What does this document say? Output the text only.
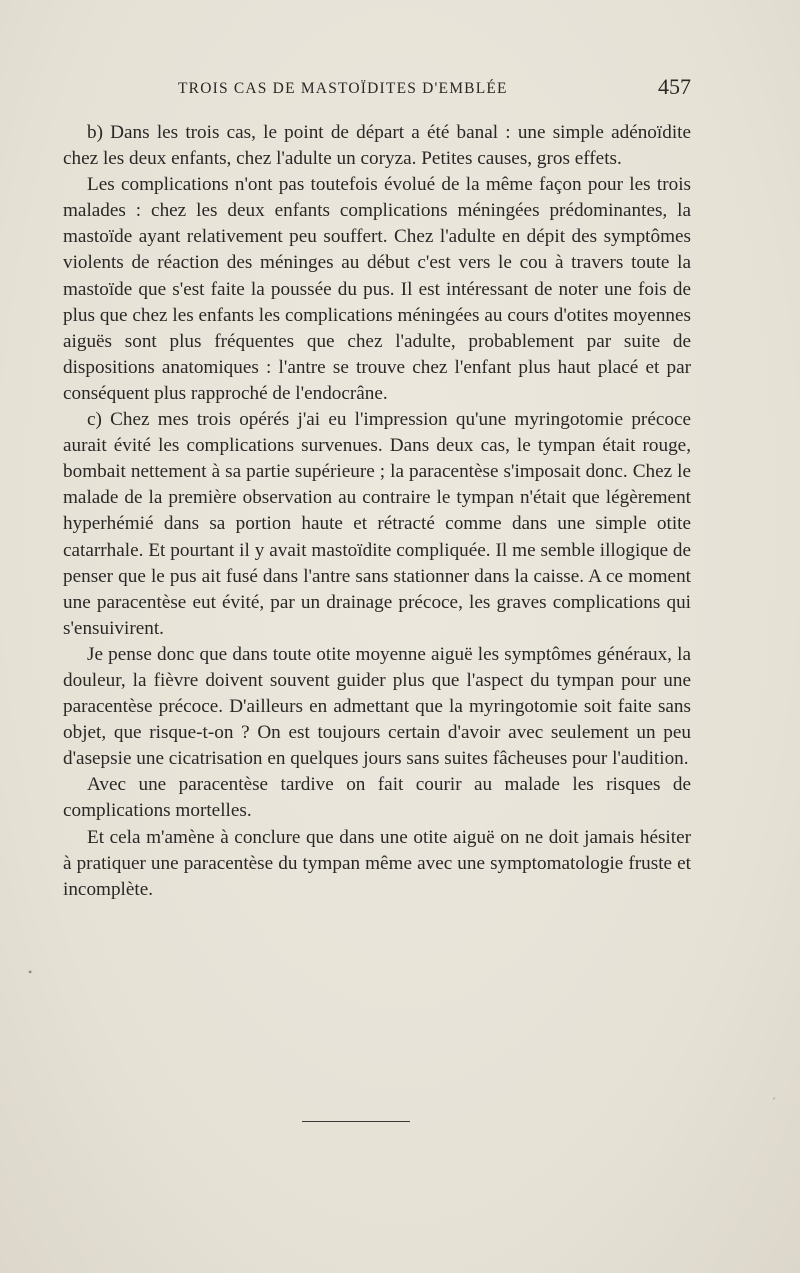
TROIS CAS DE MASTOÏDITES D'EMBLÉE	457

b) Dans les trois cas, le point de départ a été banal : une simple adénoïdite chez les deux enfants, chez l'adulte un coryza. Petites causes, gros effets.

Les complications n'ont pas toutefois évolué de la même façon pour les trois malades : chez les deux enfants complications méningées prédominantes, la mastoïde ayant relativement peu souffert. Chez l'adulte en dépit des symptômes violents de réaction des méninges au début c'est vers le cou à travers toute la mastoïde que s'est faite la poussée du pus. Il est intéressant de noter une fois de plus que chez les enfants les complications méningées au cours d'otites moyennes aiguës sont plus fréquentes que chez l'adulte, probablement par suite de dispositions anatomiques : l'antre se trouve chez l'enfant plus haut placé et par conséquent plus rapproché de l'endocrâne.

c) Chez mes trois opérés j'ai eu l'impression qu'une myringotomie précoce aurait évité les complications survenues. Dans deux cas, le tympan était rouge, bombait nettement à sa partie supérieure ; la paracentèse s'imposait donc. Chez le malade de la première observation au contraire le tympan n'était que légèrement hyperhémié dans sa portion haute et rétracté comme dans une simple otite catarrhale. Et pourtant il y avait mastoïdite compliquée. Il me semble illogique de penser que le pus ait fusé dans l'antre sans stationner dans la caisse. A ce moment une paracentèse eut évité, par un drainage précoce, les graves complications qui s'ensuivirent.

Je pense donc que dans toute otite moyenne aiguë les symptômes généraux, la douleur, la fièvre doivent souvent guider plus que l'aspect du tympan pour une paracentèse précoce. D'ailleurs en admettant que la myringotomie soit faite sans objet, que risque-t-on ? On est toujours certain d'avoir avec seulement un peu d'asepsie une cicatrisation en quelques jours sans suites fâcheuses pour l'audition.

Avec une paracentèse tardive on fait courir au malade les risques de complications mortelles.

Et cela m'amène à conclure que dans une otite aiguë on ne doit jamais hésiter à pratiquer une paracentèse du tympan même avec une symptomatologie fruste et incomplète.

•
´
